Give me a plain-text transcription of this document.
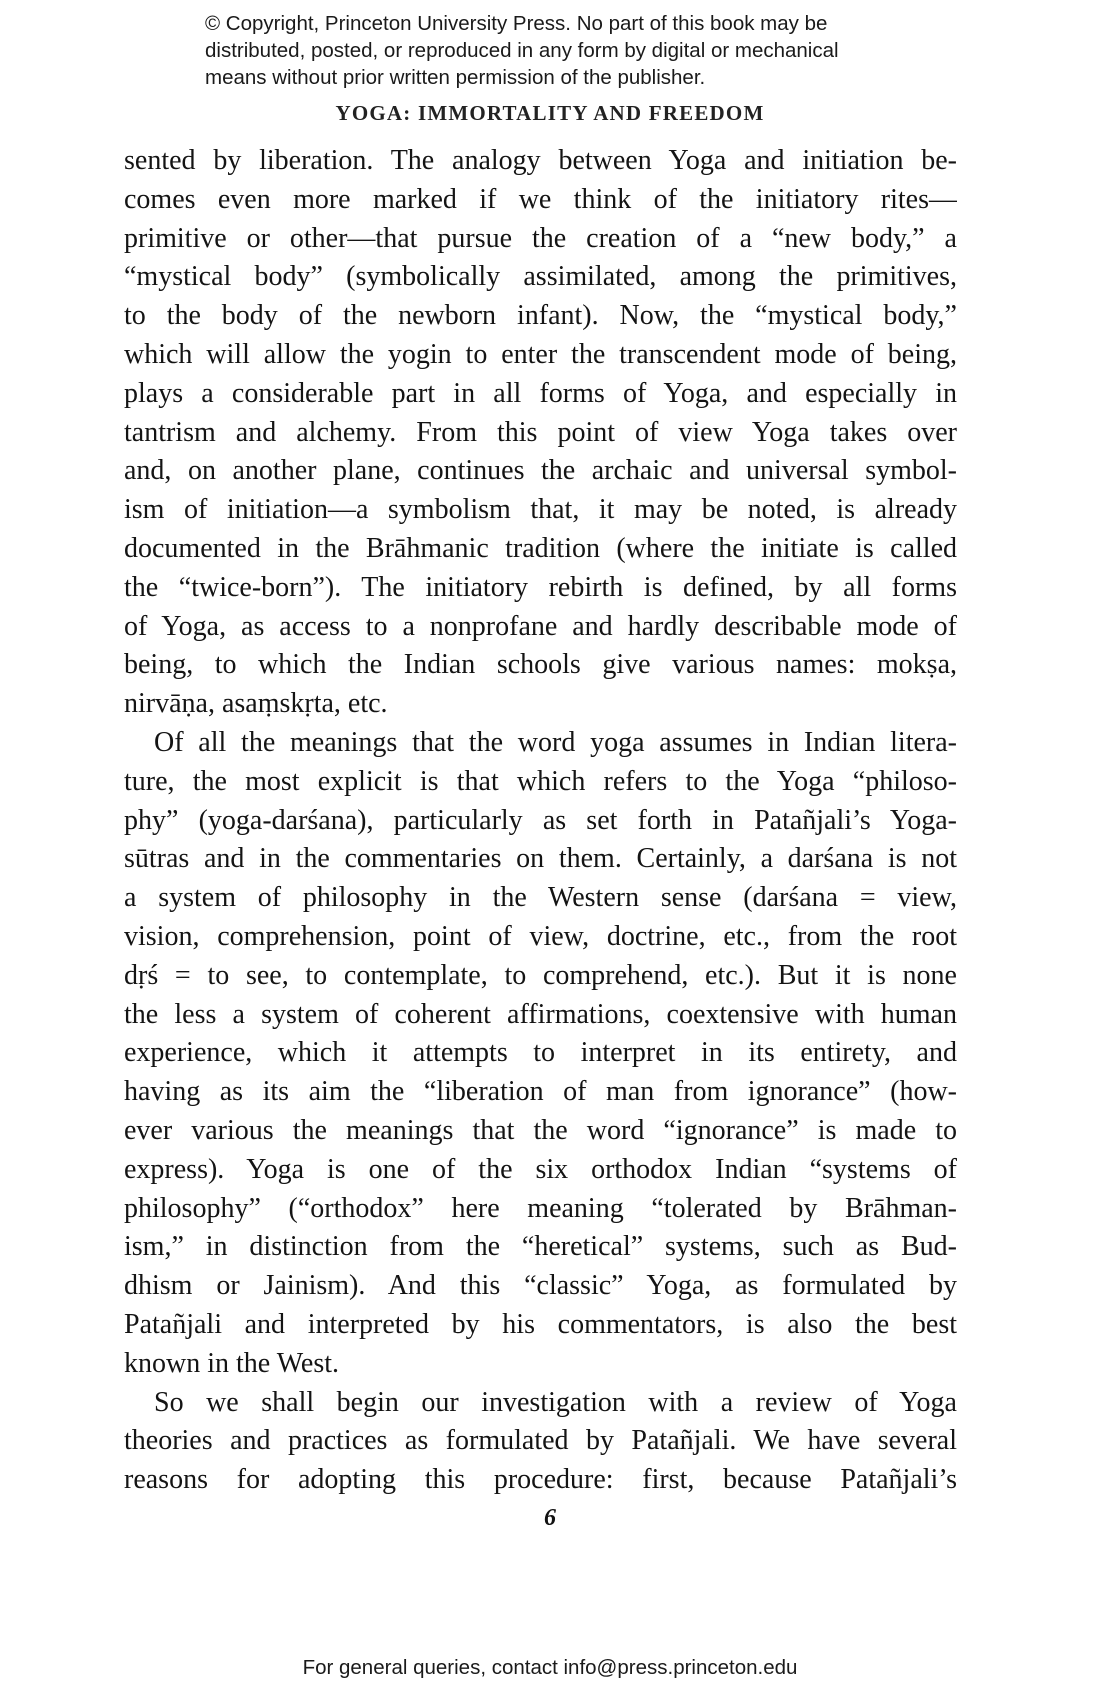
© Copyright, Princeton University Press. No part of this book may be
distributed, posted, or reproduced in any form by digital or mechanical
means without prior written permission of the publisher.
YOGA: IMMORTALITY AND FREEDOM
sented by liberation. The analogy between Yoga and initiation be-
comes even more marked if we think of the initiatory rites—
primitive or other—that pursue the creation of a “new body,” a
“mystical body” (symbolically assimilated, among the primitives,
to the body of the newborn infant). Now, the “mystical body,”
which will allow the yogin to enter the transcendent mode of being,
plays a considerable part in all forms of Yoga, and especially in
tantrism and alchemy. From this point of view Yoga takes over
and, on another plane, continues the archaic and universal symbol-
ism of initiation—a symbolism that, it may be noted, is already
documented in the Brāhmanic tradition (where the initiate is called
the “twice-born”). The initiatory rebirth is defined, by all forms
of Yoga, as access to a nonprofane and hardly describable mode of
being, to which the Indian schools give various names: mokṣa,
nirvāṇa, asaṃskṛta, etc.
Of all the meanings that the word yoga assumes in Indian litera-
ture, the most explicit is that which refers to the Yoga “philoso-
phy” (yoga-darśana), particularly as set forth in Patañjali’s Yoga-
sūtras and in the commentaries on them. Certainly, a darśana is not
a system of philosophy in the Western sense (darśana = view,
vision, comprehension, point of view, doctrine, etc., from the root
dṛś = to see, to contemplate, to comprehend, etc.). But it is none
the less a system of coherent affirmations, coextensive with human
experience, which it attempts to interpret in its entirety, and
having as its aim the “liberation of man from ignorance” (how-
ever various the meanings that the word “ignorance” is made to
express). Yoga is one of the six orthodox Indian “systems of
philosophy” (“orthodox” here meaning “tolerated by Brāhman-
ism,” in distinction from the “heretical” systems, such as Bud-
dhism or Jainism). And this “classic” Yoga, as formulated by
Patañjali and interpreted by his commentators, is also the best
known in the West.
So we shall begin our investigation with a review of Yoga
theories and practices as formulated by Patañjali. We have several
reasons for adopting this procedure: first, because Patañjali’s
6
For general queries, contact info@press.princeton.edu
